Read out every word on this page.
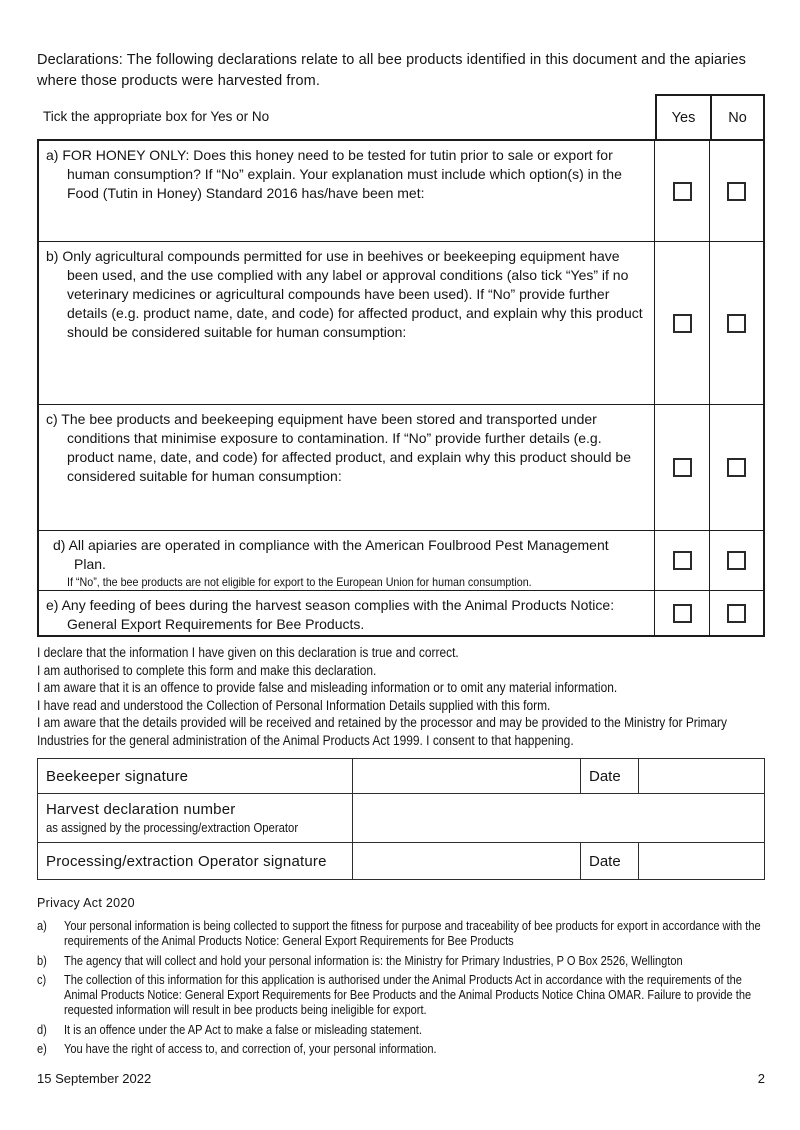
Declarations: The following declarations relate to all bee products identified in this document and the apiaries where those products were harvested from.

Tick the appropriate box for Yes or No	Yes	No
a) FOR HONEY ONLY: Does this honey need to be tested for tutin prior to sale or export for human consumption? If “No” explain. Your explanation must include which option(s) in the Food (Tutin in Honey) Standard 2016 has/have been met:
b) Only agricultural compounds permitted for use in beehives or beekeeping equipment have been used, and the use complied with any label or approval conditions (also tick “Yes” if no veterinary medicines or agricultural compounds have been used). If “No” provide further details (e.g. product name, date, and code) for affected product, and explain why this product should be considered suitable for human consumption:
c) The bee products and beekeeping equipment have been stored and transported under conditions that minimise exposure to contamination. If “No” provide further details (e.g. product name, date, and code) for affected product, and explain why this product should be considered suitable for human consumption:
d) All apiaries are operated in compliance with the American Foulbrood Pest Management Plan.
If “No”, the bee products are not eligible for export to the European Union for human consumption.
e) Any feeding of bees during the harvest season complies with the Animal Products Notice: General Export Requirements for Bee Products.
I declare that the information I have given on this declaration is true and correct.
I am authorised to complete this form and make this declaration.
I am aware that it is an offence to provide false and misleading information or to omit any material information.
I have read and understood the Collection of Personal Information Details supplied with this form.
I am aware that the details provided will be received and retained by the processor and may be provided to the Ministry for Primary Industries for the general administration of the Animal Products Act 1999. I consent to that happening.
Beekeeper signature	Date
Harvest declaration number
as assigned by the processing/extraction Operator
Processing/extraction Operator signature	Date
Privacy Act 2020
a)	Your personal information is being collected to support the fitness for purpose and traceability of bee products for export in accordance with the requirements of the Animal Products Notice: General Export Requirements for Bee Products
b)	The agency that will collect and hold your personal information is: the Ministry for Primary Industries, P O Box 2526, Wellington
c)	The collection of this information for this application is authorised under the Animal Products Act in accordance with the requirements of the Animal Products Notice: General Export Requirements for Bee Products and the Animal Products Notice China OMAR. Failure to provide the requested information will result in bee products being ineligible for export.
d)	It is an offence under the AP Act to make a false or misleading statement.
e)	You have the right of access to, and correction of, your personal information.
15 September 2022	2
